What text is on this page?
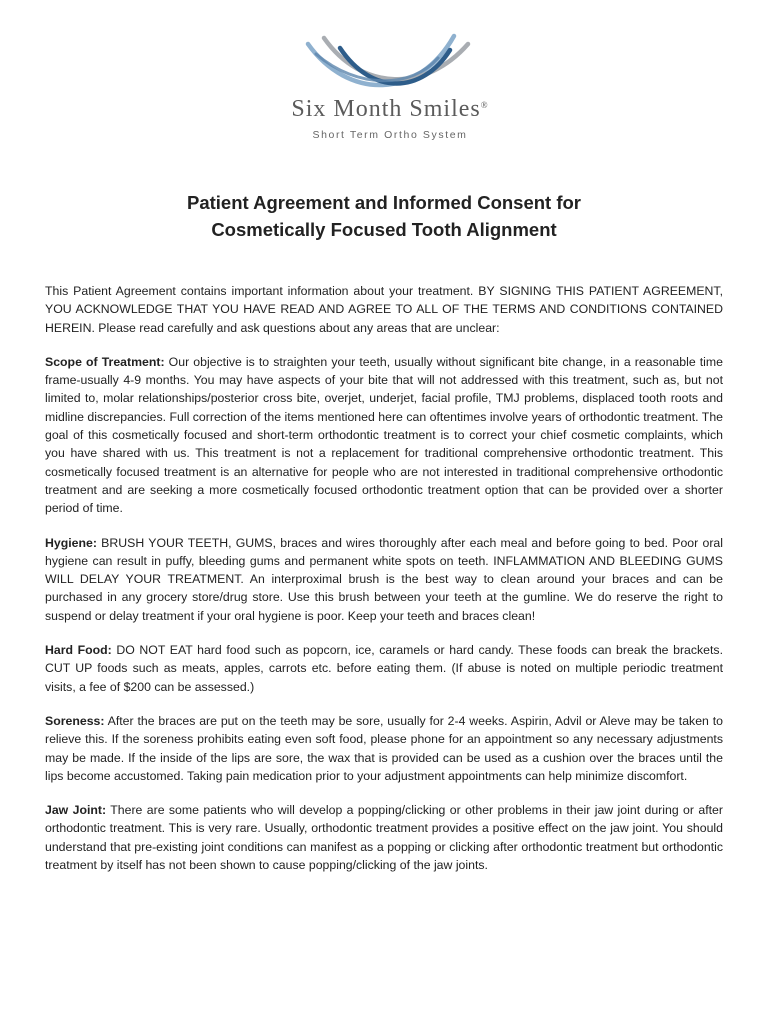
Six Month Smiles®
Short Term Ortho System
Patient Agreement and Informed Consent for
Cosmetically Focused Tooth Alignment

This Patient Agreement contains important information about your treatment. BY SIGNING THIS PATIENT AGREEMENT, YOU ACKNOWLEDGE THAT YOU HAVE READ AND AGREE TO ALL OF THE TERMS AND CONDITIONS CONTAINED HEREIN. Please read carefully and ask questions about any areas that are unclear:

Scope of Treatment: Our objective is to straighten your teeth, usually without significant bite change, in a reasonable time frame-usually 4-9 months. You may have aspects of your bite that will not addressed with this treatment, such as, but not limited to, molar relationships/posterior cross bite, overjet, underjet, facial profile, TMJ problems, displaced tooth roots and midline discrepancies. Full correction of the items mentioned here can oftentimes involve years of orthodontic treatment. The goal of this cosmetically focused and short-term orthodontic treatment is to correct your chief cosmetic complaints, which you have shared with us. This treatment is not a replacement for traditional comprehensive orthodontic treatment. This cosmetically focused treatment is an alternative for people who are not interested in traditional comprehensive orthodontic treatment and are seeking a more cosmetically focused orthodontic treatment option that can be provided over a shorter period of time.

Hygiene: BRUSH YOUR TEETH, GUMS, braces and wires thoroughly after each meal and before going to bed. Poor oral hygiene can result in puffy, bleeding gums and permanent white spots on teeth. INFLAMMATION AND BLEEDING GUMS WILL DELAY YOUR TREATMENT. An interproximal brush is the best way to clean around your braces and can be purchased in any grocery store/drug store. Use this brush between your teeth at the gumline. We do reserve the right to suspend or delay treatment if your oral hygiene is poor. Keep your teeth and braces clean!

Hard Food: DO NOT EAT hard food such as popcorn, ice, caramels or hard candy. These foods can break the brackets. CUT UP foods such as meats, apples, carrots etc. before eating them. (If abuse is noted on multiple periodic treatment visits, a fee of $200 can be assessed.)

Soreness: After the braces are put on the teeth may be sore, usually for 2-4 weeks. Aspirin, Advil or Aleve may be taken to relieve this. If the soreness prohibits eating even soft food, please phone for an appointment so any necessary adjustments may be made. If the inside of the lips are sore, the wax that is provided can be used as a cushion over the braces until the lips become accustomed. Taking pain medication prior to your adjustment appointments can help minimize discomfort.

Jaw Joint: There are some patients who will develop a popping/clicking or other problems in their jaw joint during or after orthodontic treatment. This is very rare. Usually, orthodontic treatment provides a positive effect on the jaw joint. You should understand that pre-existing joint conditions can manifest as a popping or clicking after orthodontic treatment but orthodontic treatment by itself has not been shown to cause popping/clicking of the jaw joints.
